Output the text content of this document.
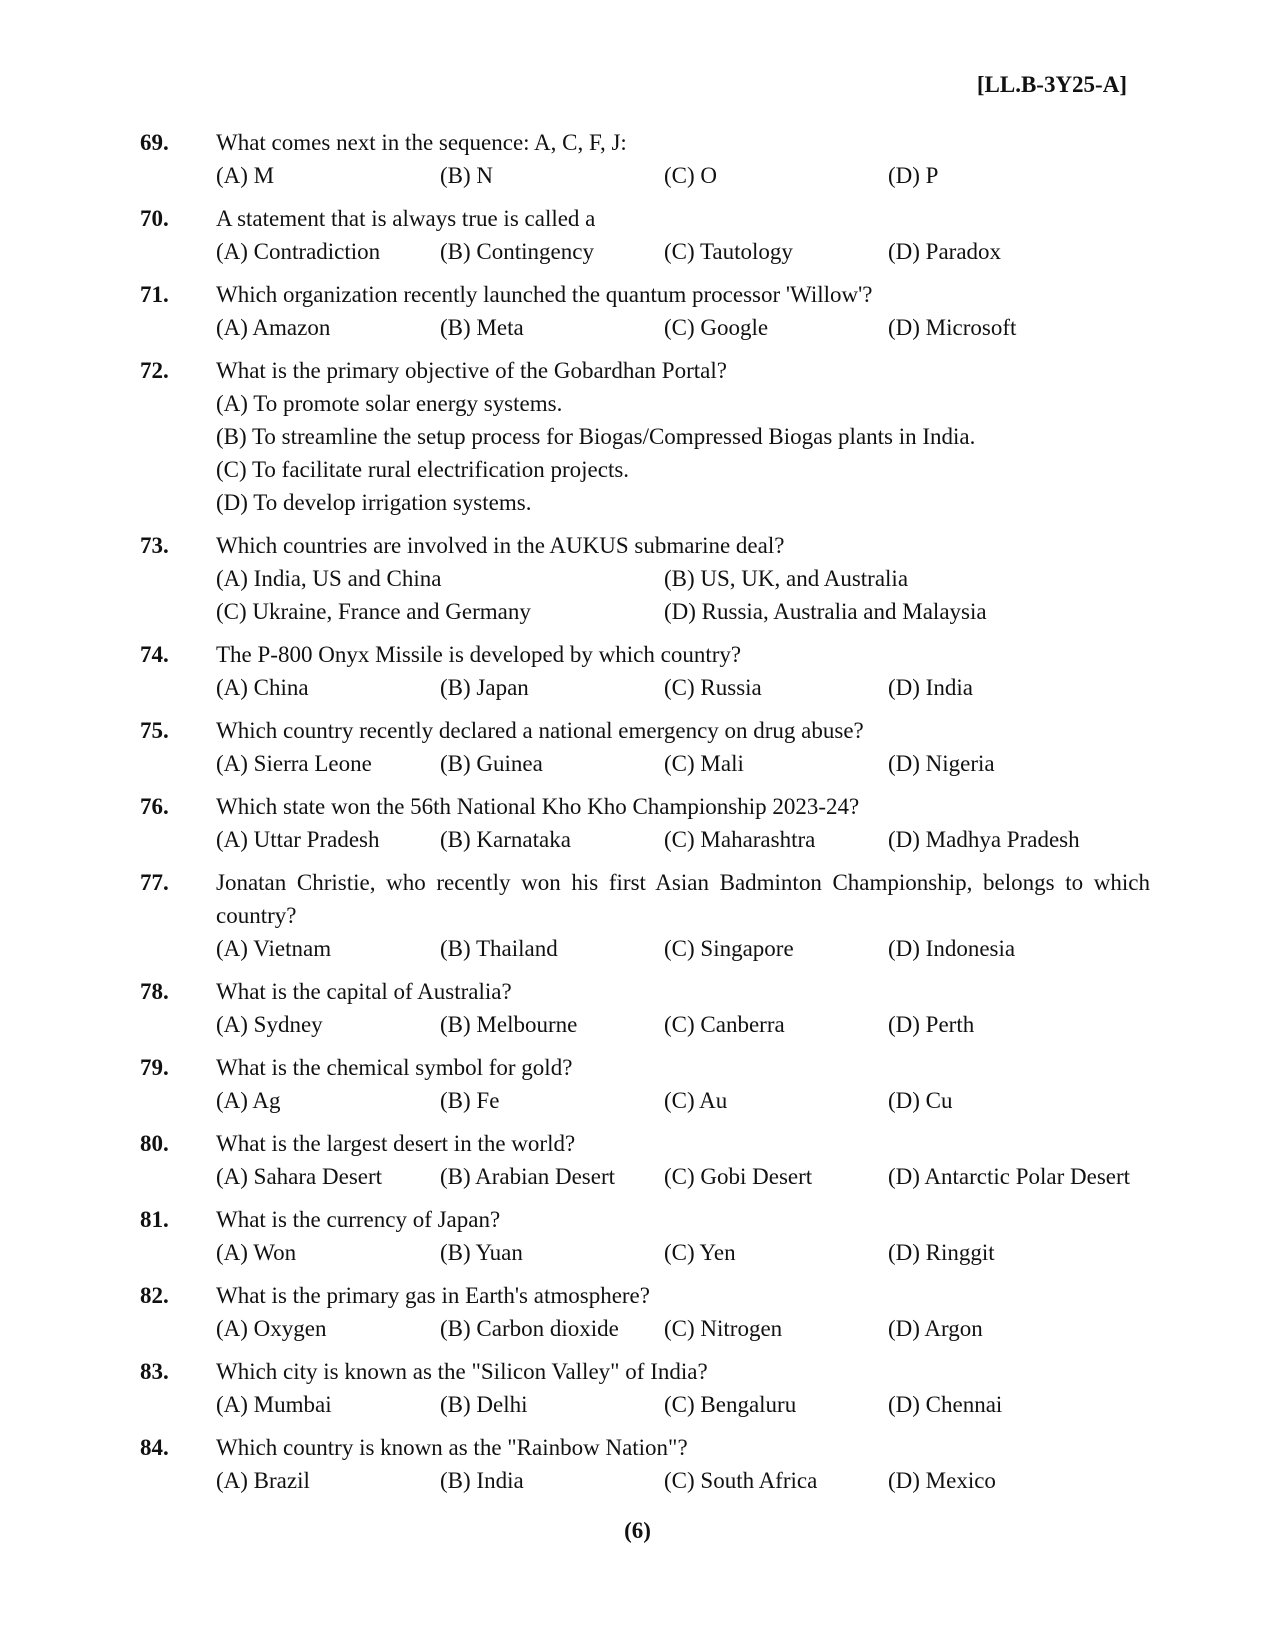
[LL.B-3Y25-A]
69. What comes next in the sequence: A, C, F, J:
(A) M	(B) N	(C) O	(D) P
70. A statement that is always true is called a
(A) Contradiction	(B) Contingency	(C) Tautology	(D) Paradox
71. Which organization recently launched the quantum processor 'Willow'?
(A) Amazon	(B) Meta	(C) Google	(D) Microsoft
72. What is the primary objective of the Gobardhan Portal?
(A) To promote solar energy systems.
(B) To streamline the setup process for Biogas/Compressed Biogas plants in India.
(C) To facilitate rural electrification projects.
(D) To develop irrigation systems.
73. Which countries are involved in the AUKUS submarine deal?
(A) India, US and China	(B) US, UK, and Australia
(C) Ukraine, France and Germany	(D) Russia, Australia and Malaysia
74. The P-800 Onyx Missile is developed by which country?
(A) China	(B) Japan	(C) Russia	(D) India
75. Which country recently declared a national emergency on drug abuse?
(A) Sierra Leone	(B) Guinea	(C) Mali	(D) Nigeria
76. Which state won the 56th National Kho Kho Championship 2023-24?
(A) Uttar Pradesh	(B) Karnataka	(C) Maharashtra	(D) Madhya Pradesh
77. Jonatan Christie, who recently won his first Asian Badminton Championship, belongs to which country?
(A) Vietnam	(B) Thailand	(C) Singapore	(D) Indonesia
78. What is the capital of Australia?
(A) Sydney	(B) Melbourne	(C) Canberra	(D) Perth
79. What is the chemical symbol for gold?
(A) Ag	(B) Fe	(C) Au	(D) Cu
80. What is the largest desert in the world?
(A) Sahara Desert	(B) Arabian Desert	(C) Gobi Desert	(D) Antarctic Polar Desert
81. What is the currency of Japan?
(A) Won	(B) Yuan	(C) Yen	(D) Ringgit
82. What is the primary gas in Earth's atmosphere?
(A) Oxygen	(B) Carbon dioxide	(C) Nitrogen	(D) Argon
83. Which city is known as the "Silicon Valley" of India?
(A) Mumbai	(B) Delhi	(C) Bengaluru	(D) Chennai
84. Which country is known as the "Rainbow Nation"?
(A) Brazil	(B) India	(C) South Africa	(D) Mexico
(6)
